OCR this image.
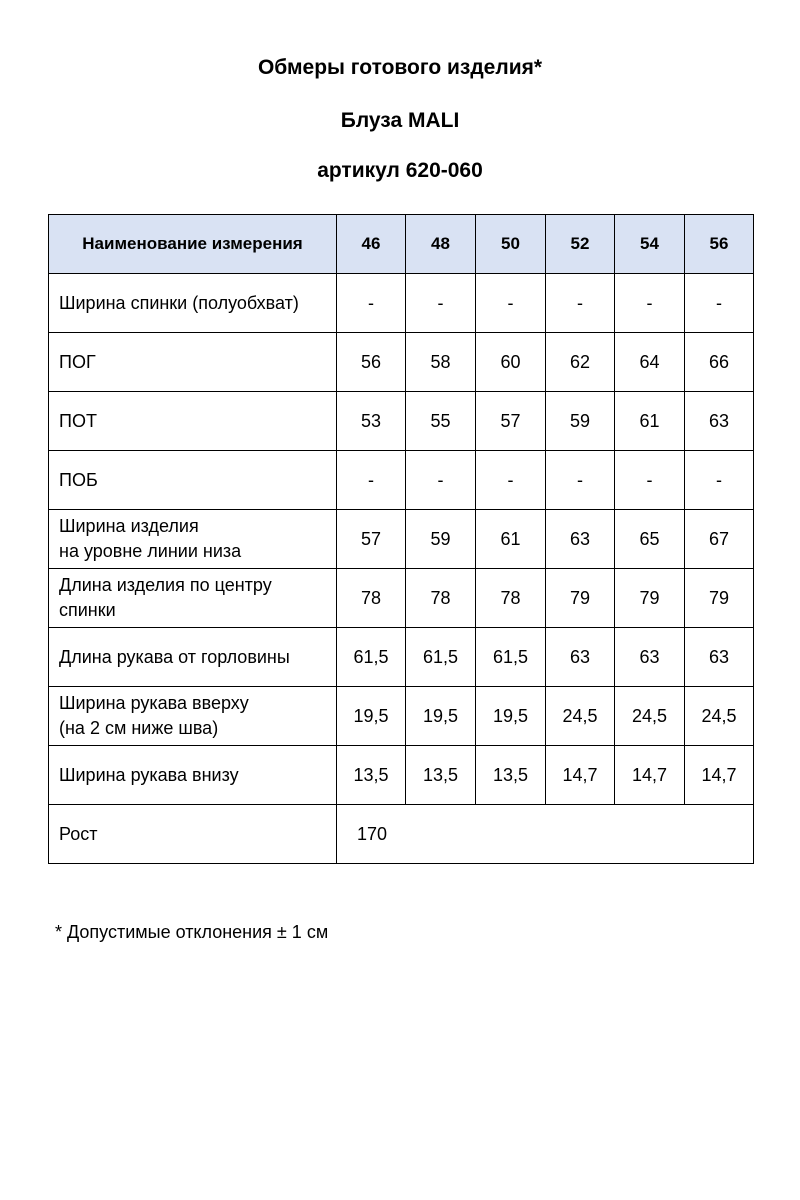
Обмеры готового изделия*
Блуза MALI
артикул 620-060
Наименование измерения	46	48	50	52	54	56

Ширина спинки (полуобхват)	-	-	-	-	-	-

ПОГ	56	58	60	62	64	66

ПОТ	53	55	57	59	61	63

ПОБ	-	-	-	-	-	-

Ширина изделия
на уровне линии низа	57	59	61	63	65	67

Длина изделия по центру
спинки	78	78	78	79	79	79

Длина рукава от горловины	61,5	61,5	61,5	63	63	63

Ширина рукава вверху
(на 2 см ниже шва)	19,5	19,5	19,5	24,5	24,5	24,5

Ширина рукава внизу	13,5	13,5	13,5	14,7	14,7	14,7
Рост	170					

* Допустимые отклонения ± 1 см
